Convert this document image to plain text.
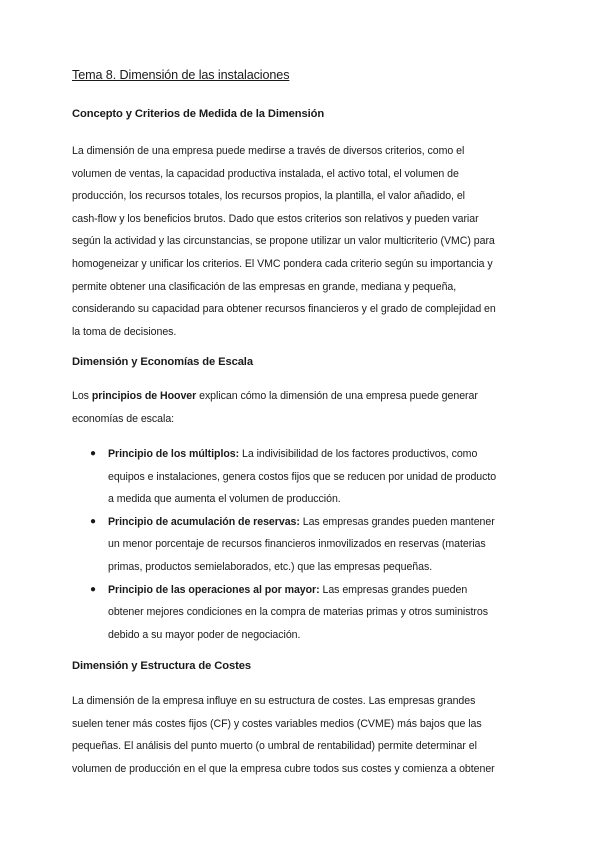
Tema 8. Dimensión de las instalaciones
Concepto y Criterios de Medida de la Dimensión
La dimensión de una empresa puede medirse a través de diversos criterios, como el
volumen de ventas, la capacidad productiva instalada, el activo total, el volumen de
producción, los recursos totales, los recursos propios, la plantilla, el valor añadido, el
cash-flow y los beneficios brutos. Dado que estos criterios son relativos y pueden variar
según la actividad y las circunstancias, se propone utilizar un valor multicriterio (VMC) para
homogeneizar y unificar los criterios. El VMC pondera cada criterio según su importancia y
permite obtener una clasificación de las empresas en grande, mediana y pequeña,
considerando su capacidad para obtener recursos financieros y el grado de complejidad en
la toma de decisiones.
Dimensión y Economías de Escala
Los principios de Hoover explican cómo la dimensión de una empresa puede generar
economías de escala:
● Principio de los múltiplos: La indivisibilidad de los factores productivos, como
equipos e instalaciones, genera costos fijos que se reducen por unidad de producto
a medida que aumenta el volumen de producción.
● Principio de acumulación de reservas: Las empresas grandes pueden mantener
un menor porcentaje de recursos financieros inmovilizados en reservas (materias
primas, productos semielaborados, etc.) que las empresas pequeñas.
● Principio de las operaciones al por mayor: Las empresas grandes pueden
obtener mejores condiciones en la compra de materias primas y otros suministros
debido a su mayor poder de negociación.
Dimensión y Estructura de Costes
La dimensión de la empresa influye en su estructura de costes. Las empresas grandes
suelen tener más costes fijos (CF) y costes variables medios (CVME) más bajos que las
pequeñas. El análisis del punto muerto (o umbral de rentabilidad) permite determinar el
volumen de producción en el que la empresa cubre todos sus costes y comienza a obtener
